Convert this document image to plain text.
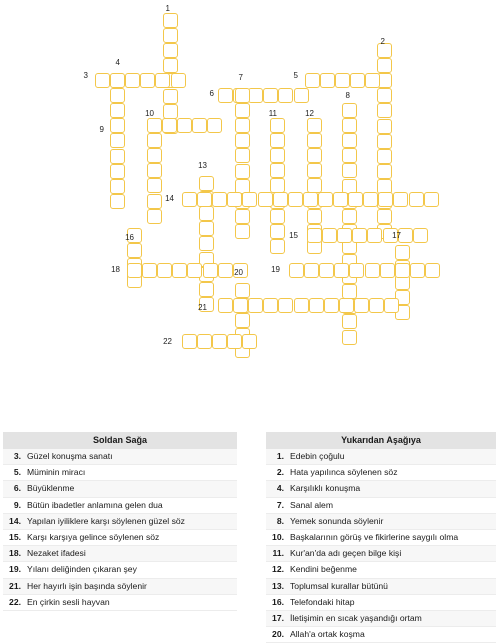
1
2
3
4
5
6
7
8
9
10	11	12
13
14
15
16	17
18	19
20
21
22
Soldan Sağa
3. Güzel konuşma sanatı
5. Müminin miracı
6. Büyüklenme
9. Bütün ibadetler anlamına gelen dua
14. Yapılan iyiliklere karşı söylenen güzel söz
15. Karşı karşıya gelince söylenen söz
18. Nezaket ifadesi
19. Yılanı deliğinden çıkaran şey
21. Her hayırlı işin başında söylenir
22. En çirkin sesli hayvan
Yukarıdan Aşağıya
1. Edebin çoğulu
2. Hata yapılınca söylenen söz
4. Karşılıklı konuşma
7. Sanal alem
8. Yemek sonunda söylenir
10. Başkalarının görüş ve fikirlerine saygılı olma
11. Kur'an'da adı geçen bilge kişi
12. Kendini beğenme
13. Toplumsal kurallar bütünü
16. Telefondaki hitap
17. İletişimin en sıcak yaşandığı ortam
20. Allah'a ortak koşma
